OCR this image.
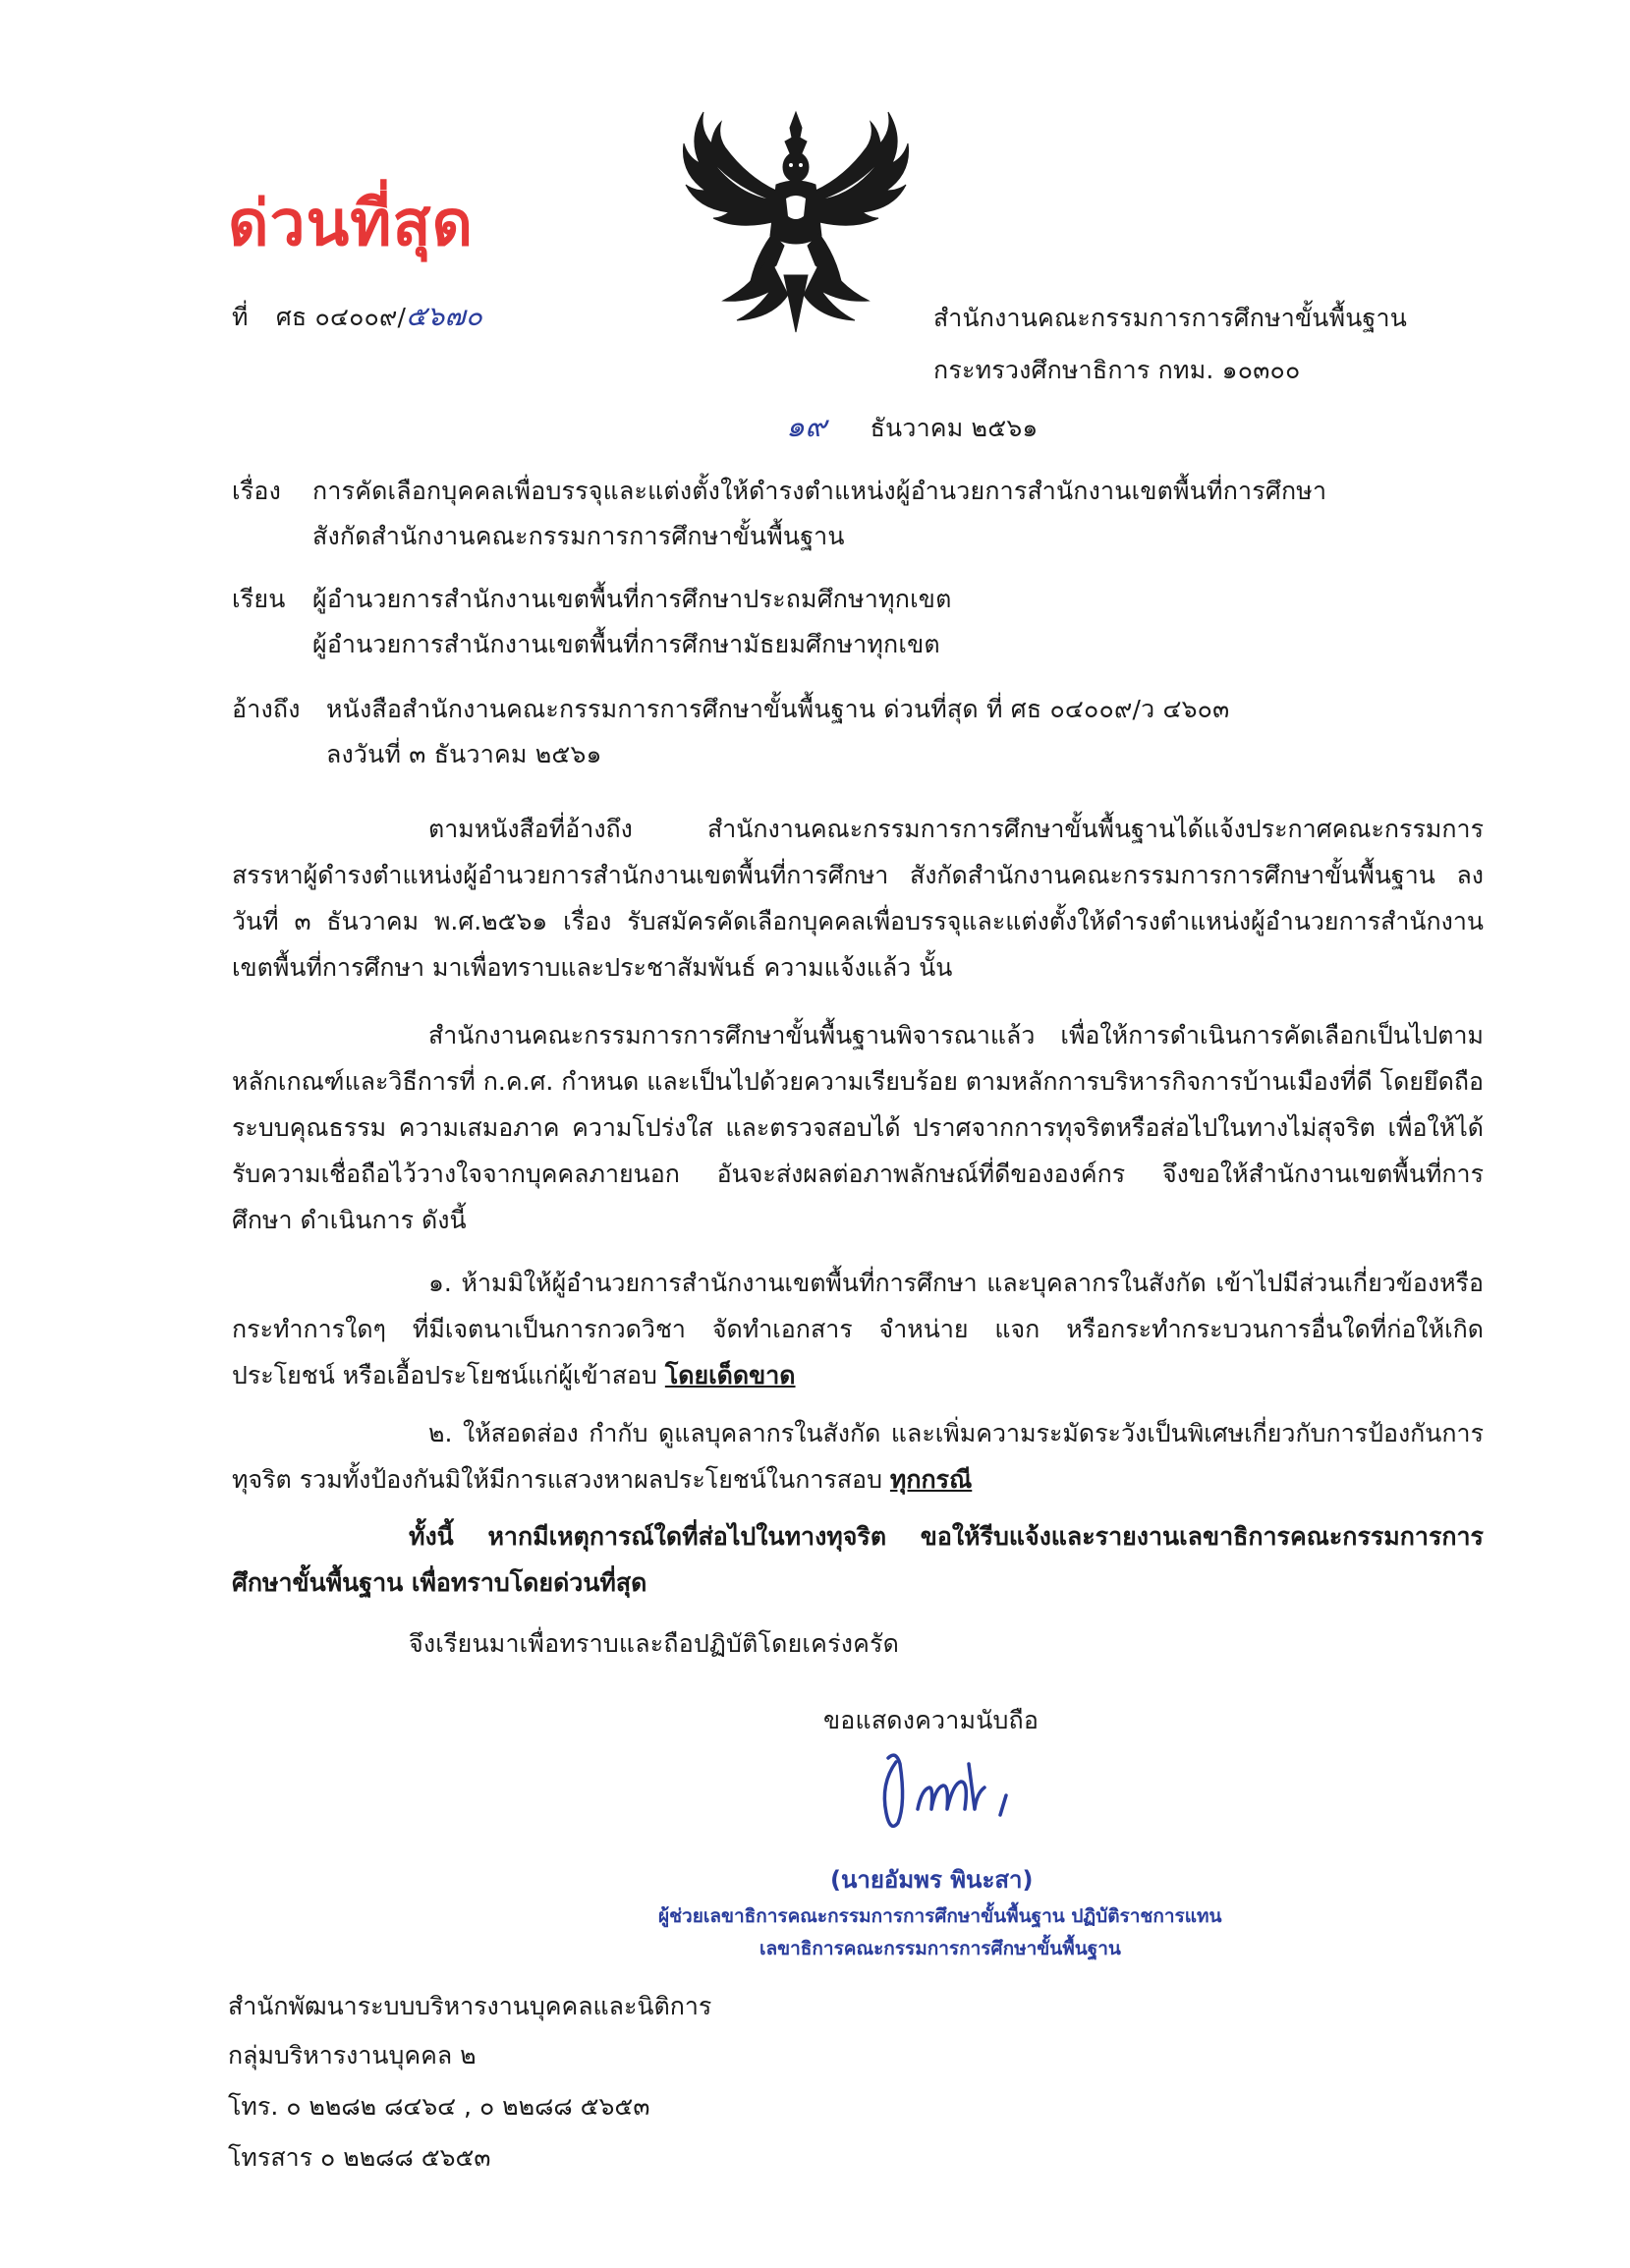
ด่วนที่สุด
ที่ ศธ ๐๔๐๐๙/๕๖๗๐	สำนักงานคณะกรรมการการศึกษาขั้นพื้นฐาน
กระทรวงศึกษาธิการ กทม. ๑๐๓๐๐
๑๙ ธันวาคม ๒๕๖๑
เรื่อง การคัดเลือกบุคคลเพื่อบรรจุและแต่งตั้งให้ดำรงตำแหน่งผู้อำนวยการสำนักงานเขตพื้นที่การศึกษา
สังกัดสำนักงานคณะกรรมการการศึกษาขั้นพื้นฐาน
เรียน ผู้อำนวยการสำนักงานเขตพื้นที่การศึกษาประถมศึกษาทุกเขต
ผู้อำนวยการสำนักงานเขตพื้นที่การศึกษามัธยมศึกษาทุกเขต
อ้างถึง หนังสือสำนักงานคณะกรรมการการศึกษาขั้นพื้นฐาน ด่วนที่สุด ที่ ศธ ๐๔๐๐๙/ว ๔๖๐๓
ลงวันที่ ๓ ธันวาคม ๒๕๖๑
ตามหนังสือที่อ้างถึง สำนักงานคณะกรรมการการศึกษาขั้นพื้นฐานได้แจ้งประกาศคณะกรรมการสรรหาผู้ดำรงตำแหน่งผู้อำนวยการสำนักงานเขตพื้นที่การศึกษา สังกัดสำนักงานคณะกรรมการการศึกษาขั้นพื้นฐาน ลงวันที่ ๓ ธันวาคม พ.ศ.๒๕๖๑ เรื่อง รับสมัครคัดเลือกบุคคลเพื่อบรรจุและแต่งตั้งให้ดำรงตำแหน่งผู้อำนวยการสำนักงานเขตพื้นที่การศึกษา มาเพื่อทราบและประชาสัมพันธ์ ความแจ้งแล้ว นั้น
สำนักงานคณะกรรมการการศึกษาขั้นพื้นฐานพิจารณาแล้ว เพื่อให้การดำเนินการคัดเลือกเป็นไปตามหลักเกณฑ์และวิธีการที่ ก.ค.ศ. กำหนด และเป็นไปด้วยความเรียบร้อย ตามหลักการบริหารกิจการบ้านเมืองที่ดี โดยยึดถือระบบคุณธรรม ความเสมอภาค ความโปร่งใส และตรวจสอบได้ ปราศจากการทุจริตหรือส่อไปในทางไม่สุจริต เพื่อให้ได้รับความเชื่อถือไว้วางใจจากบุคคลภายนอก อันจะส่งผลต่อภาพลักษณ์ที่ดีขององค์กร จึงขอให้สำนักงานเขตพื้นที่การศึกษา ดำเนินการ ดังนี้
๑. ห้ามมิให้ผู้อำนวยการสำนักงานเขตพื้นที่การศึกษา และบุคลากรในสังกัด เข้าไปมีส่วนเกี่ยวข้องหรือกระทำการใดๆ ที่มีเจตนาเป็นการกวดวิชา จัดทำเอกสาร จำหน่าย แจก หรือกระทำกระบวนการอื่นใดที่ก่อให้เกิดประโยชน์ หรือเอื้อประโยชน์แก่ผู้เข้าสอบ โดยเด็ดขาด
๒. ให้สอดส่อง กำกับ ดูแลบุคลากรในสังกัด และเพิ่มความระมัดระวังเป็นพิเศษเกี่ยวกับการป้องกันการทุจริต รวมทั้งป้องกันมิให้มีการแสวงหาผลประโยชน์ในการสอบ ทุกกรณี
ทั้งนี้ หากมีเหตุการณ์ใดที่ส่อไปในทางทุจริต ขอให้รีบแจ้งและรายงานเลขาธิการคณะกรรมการการศึกษาขั้นพื้นฐาน เพื่อทราบโดยด่วนที่สุด
จึงเรียนมาเพื่อทราบและถือปฏิบัติโดยเคร่งครัด
ขอแสดงความนับถือ
(นายอัมพร พินะสา)
ผู้ช่วยเลขาธิการคณะกรรมการการศึกษาขั้นพื้นฐาน ปฏิบัติราชการแทน
เลขาธิการคณะกรรมการการศึกษาขั้นพื้นฐาน
สำนักพัฒนาระบบบริหารงานบุคคลและนิติการ
กลุ่มบริหารงานบุคคล ๒
โทร. ๐ ๒๒๘๒ ๘๔๖๔ , ๐ ๒๒๘๘ ๕๖๕๓
โทรสาร ๐ ๒๒๘๘ ๕๖๕๓
